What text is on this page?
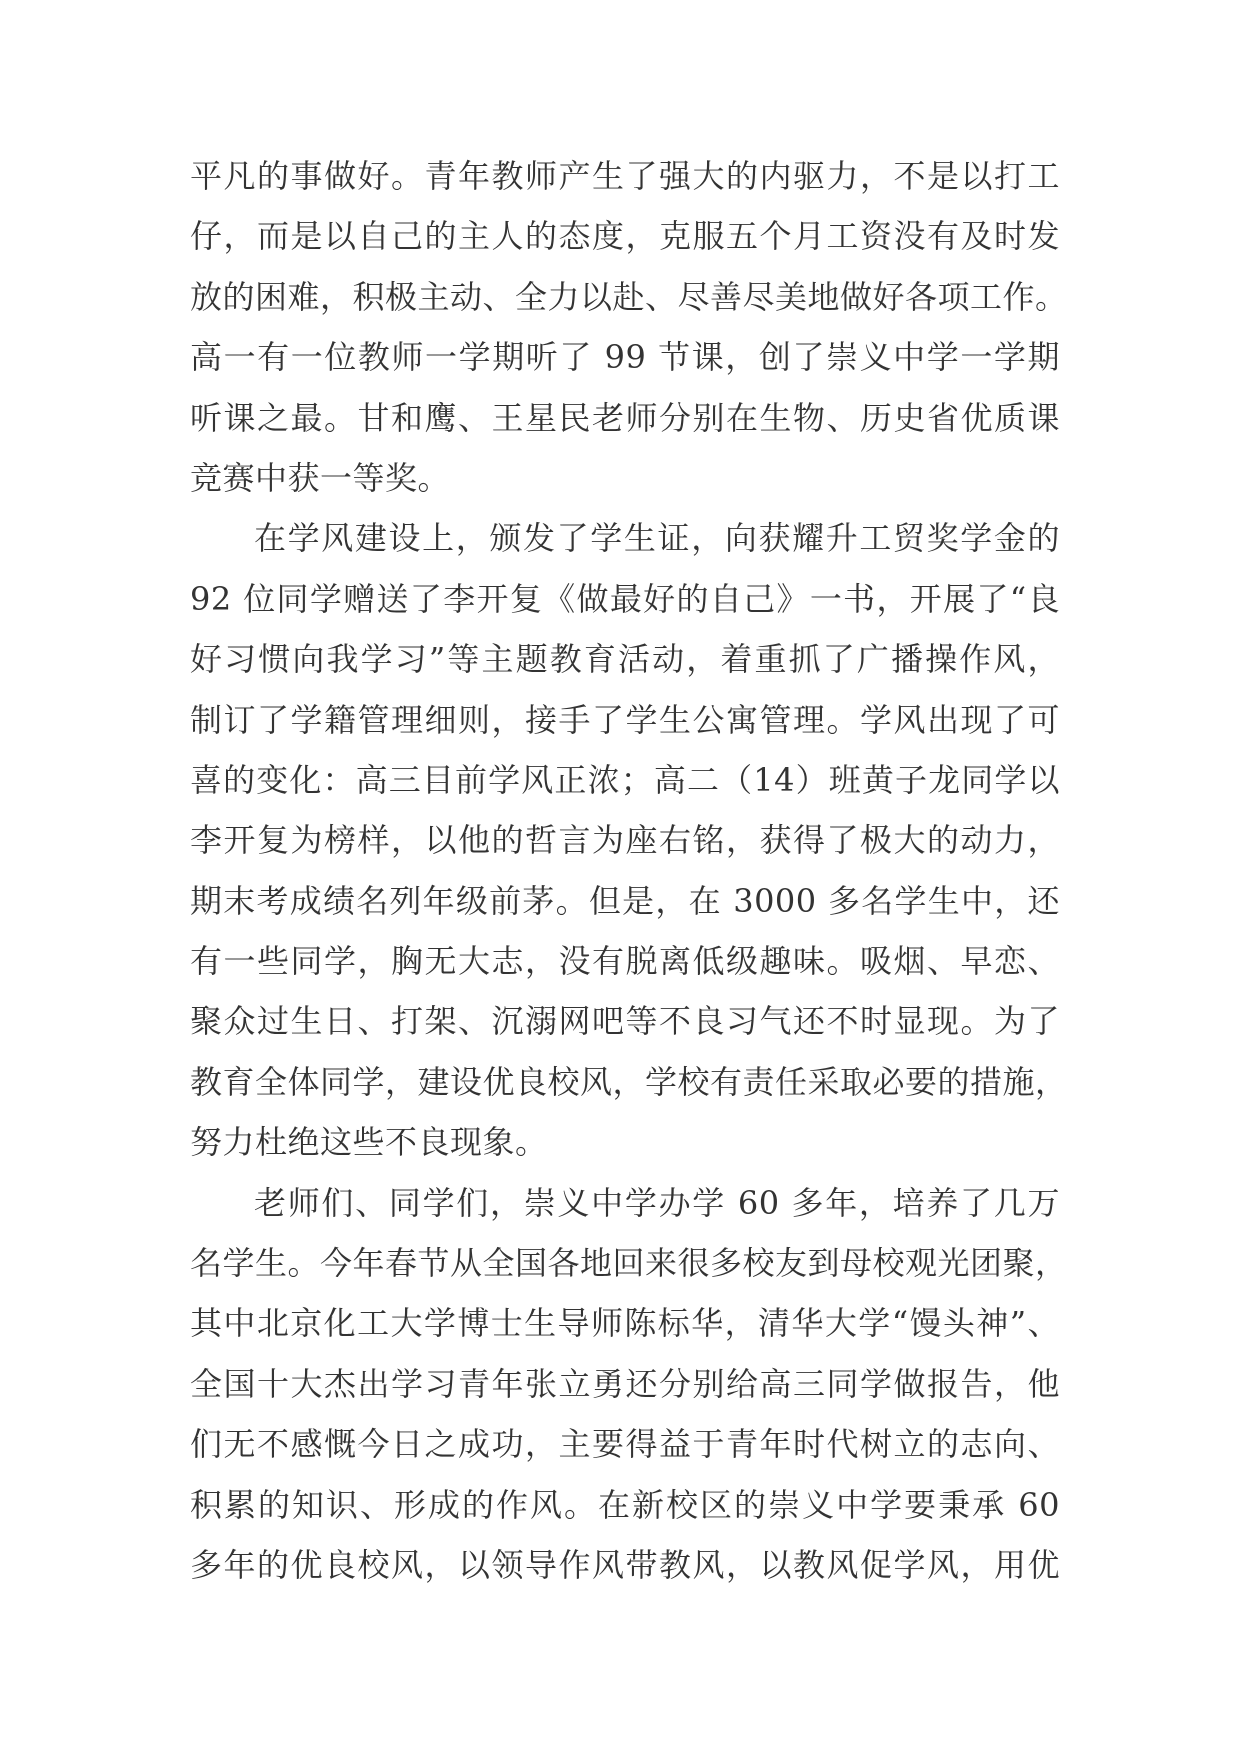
平凡的事做好。青年教师产生了强大的内驱力，不是以打工
仔，而是以自己的主人的态度，克服五个月工资没有及时发
放的困难，积极主动、全力以赴、尽善尽美地做好各项工作。
高一有一位教师一学期听了 99 节课，创了崇义中学一学期
听课之最。甘和鹰、王星民老师分别在生物、历史省优质课
竞赛中获一等奖。
在学风建设上，颁发了学生证，向获耀升工贸奖学金的
92 位同学赠送了李开复《做最好的自己》一书，开展了“良
好习惯向我学习”等主题教育活动，着重抓了广播操作风，
制订了学籍管理细则，接手了学生公寓管理。学风出现了可
喜的变化：高三目前学风正浓；高二（14）班黄子龙同学以
李开复为榜样，以他的哲言为座右铭，获得了极大的动力，
期末考成绩名列年级前茅。但是，在 3000 多名学生中，还
有一些同学，胸无大志，没有脱离低级趣味。吸烟、早恋、
聚众过生日、打架、沉溺网吧等不良习气还不时显现。为了
教育全体同学，建设优良校风，学校有责任采取必要的措施，
努力杜绝这些不良现象。
老师们、同学们，崇义中学办学 60 多年，培养了几万
名学生。今年春节从全国各地回来很多校友到母校观光团聚，
其中北京化工大学博士生导师陈标华，清华大学“馒头神”、
全国十大杰出学习青年张立勇还分别给高三同学做报告，他
们无不感慨今日之成功，主要得益于青年时代树立的志向、
积累的知识、形成的作风。在新校区的崇义中学要秉承 60
多年的优良校风，以领导作风带教风，以教风促学风，用优
